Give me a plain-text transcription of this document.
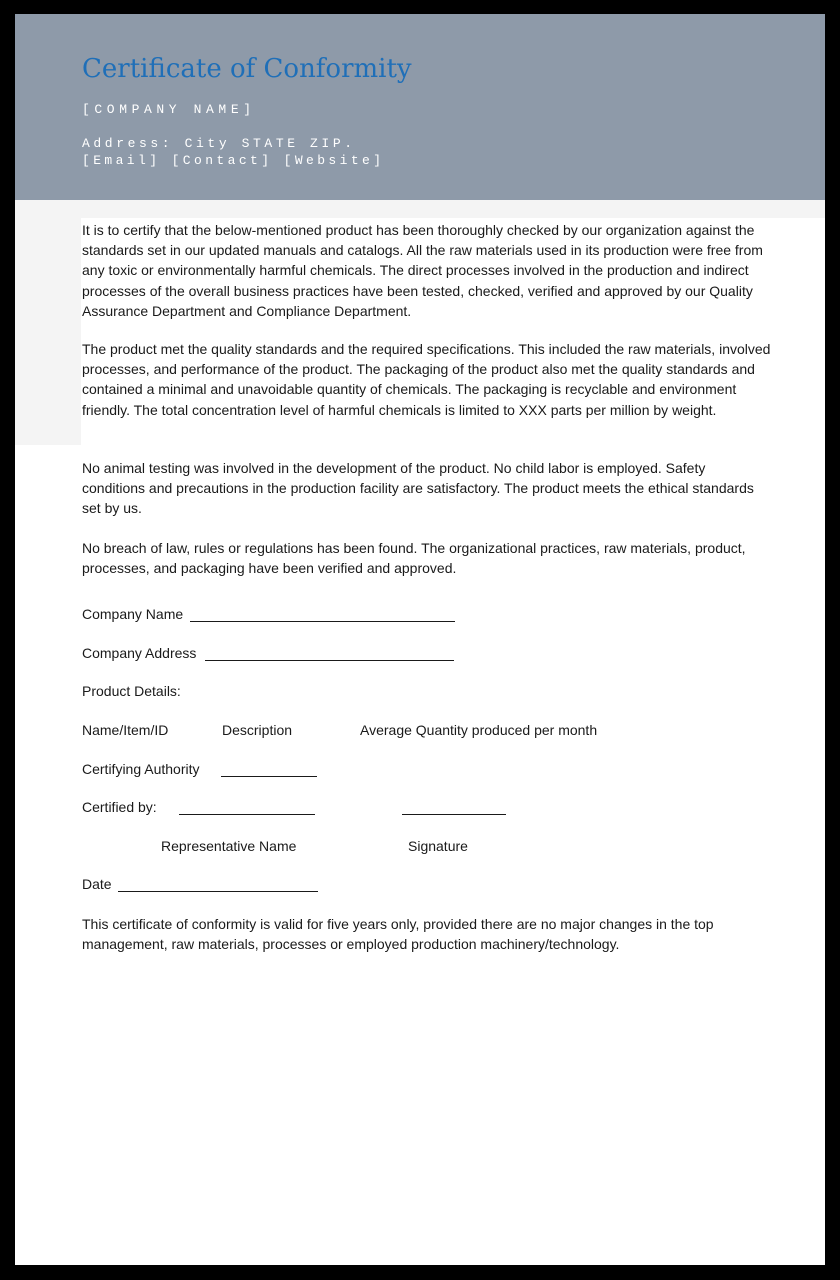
Certificate of Conformity
[COMPANY NAME]
Address: City STATE ZIP.
[Email] [Contact] [Website]

It is to certify that the below-mentioned product has been thoroughly checked by our organization against the standards set in our updated manuals and catalogs. All the raw materials used in its production were free from any toxic or environmentally harmful chemicals. The direct processes involved in the production and indirect processes of the overall business practices have been tested, checked, verified and approved by our Quality Assurance Department and Compliance Department.

The product met the quality standards and the required specifications. This included the raw materials, involved processes, and performance of the product. The packaging of the product also met the quality standards and contained a minimal and unavoidable quantity of chemicals. The packaging is recyclable and environment friendly. The total concentration level of harmful chemicals is limited to XXX parts per million by weight.

No animal testing was involved in the development of the product. No child labor is employed. Safety conditions and precautions in the production facility are satisfactory. The product meets the ethical standards set by us.

No breach of law, rules or regulations has been found. The organizational practices, raw materials, product, processes, and packaging have been verified and approved.

Company Name
Company Address
Product Details:
Name/Item/ID	Description	Average Quantity produced per month
Certifying Authority
Certified by:
Representative Name	Signature
Date

This certificate of conformity is valid for five years only, provided there are no major changes in the top management, raw materials, processes or employed production machinery/technology.
